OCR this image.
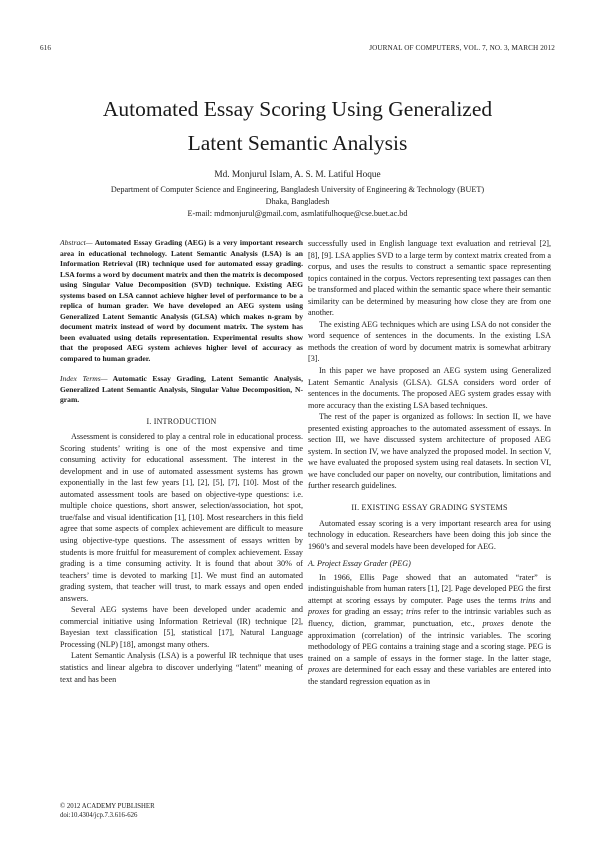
616	JOURNAL OF COMPUTERS, VOL. 7, NO. 3, MARCH 2012
Automated Essay Scoring Using Generalized
Latent Semantic Analysis
Md. Monjurul Islam, A. S. M. Latiful Hoque
Department of Computer Science and Engineering, Bangladesh University of Engineering & Technology (BUET)
Dhaka, Bangladesh
E-mail: mdmonjurul@gmail.com, asmlatifulhoque@cse.buet.ac.bd

Abstract— Automated Essay Grading (AEG) is a very important research area in educational technology. Latent Semantic Analysis (LSA) is an Information Retrieval (IR) technique used for automated essay grading. LSA forms a word by document matrix and then the matrix is decomposed using Singular Value Decomposition (SVD) technique. Existing AEG systems based on LSA cannot achieve higher level of performance to be a replica of human grader. We have developed an AEG system using Generalized Latent Semantic Analysis (GLSA) which makes n-gram by document matrix instead of word by document matrix. The system has been evaluated using details representation. Experimental results show that the proposed AEG system achieves higher level of accuracy as compared to human grader.

Index Terms— Automatic Essay Grading, Latent Semantic Analysis, Generalized Latent Semantic Analysis, Singular Value Decomposition, N-gram.

I. INTRODUCTION

Assessment is considered to play a central role in educational process. Scoring students’ writing is one of the most expensive and time consuming activity for educational assessment. The interest in the development and in use of automated assessment systems has grown exponentially in the last few years [1], [2], [5], [7], [10]. Most of the automated assessment tools are based on objective-type questions: i.e. multiple choice questions, short answer, selection/association, hot spot, true/false and visual identification [1], [10]. Most researchers in this field agree that some aspects of complex achievement are difficult to measure using objective-type questions. The assessment of essays written by students is more fruitful for measurement of complex achievement. Essay grading is a time consuming activity. It is found that about 30% of teachers’ time is devoted to marking [1]. We must find an automated grading system, that teacher will trust, to mark essays and open ended answers.

Several AEG systems have been developed under academic and commercial initiative using Information Retrieval (IR) technique [2], Bayesian text classification [5], statistical [17], Natural Language Processing (NLP) [18], amongst many others.

Latent Semantic Analysis (LSA) is a powerful IR technique that uses statistics and linear algebra to discover underlying “latent” meaning of text and has been

successfully used in English language text evaluation and retrieval [2], [8], [9]. LSA applies SVD to a large term by context matrix created from a corpus, and uses the results to construct a semantic space representing topics contained in the corpus. Vectors representing text passages can then be transformed and placed within the semantic space where their semantic similarity can be determined by measuring how close they are from one another.

The existing AEG techniques which are using LSA do not consider the word sequence of sentences in the documents. In the existing LSA methods the creation of word by document matrix is somewhat arbitrary [3].

In this paper we have proposed an AEG system using Generalized Latent Semantic Analysis (GLSA). GLSA considers word order of sentences in the documents. The proposed AEG system grades essay with more accuracy than the existing LSA based techniques.

The rest of the paper is organized as follows: In section II, we have presented existing approaches to the automated assessment of essays. In section III, we have discussed system architecture of proposed AEG system. In section IV, we have analyzed the proposed model. In section V, we have evaluated the proposed system using real datasets. In section VI, we have concluded our paper on novelty, our contribution, limitations and further research guidelines.

II. EXISTING ESSAY GRADING SYSTEMS

Automated essay scoring is a very important research area for using technology in education. Researchers have been doing this job since the 1960’s and several models have been developed for AEG.

A. Project Essay Grader (PEG)

In 1966, Ellis Page showed that an automated “rater” is indistinguishable from human raters [1], [2]. Page developed PEG the first attempt at scoring essays by computer. Page uses the terms trins and proxes for grading an essay; trins refer to the intrinsic variables such as fluency, diction, grammar, punctuation, etc., proxes denote the approximation (correlation) of the intrinsic variables. The scoring methodology of PEG contains a training stage and a scoring stage. PEG is trained on a sample of essays in the former stage. In the latter stage, proxes are determined for each essay and these variables are entered into the standard regression equation as in

© 2012 ACADEMY PUBLISHER
doi:10.4304/jcp.7.3.616-626
